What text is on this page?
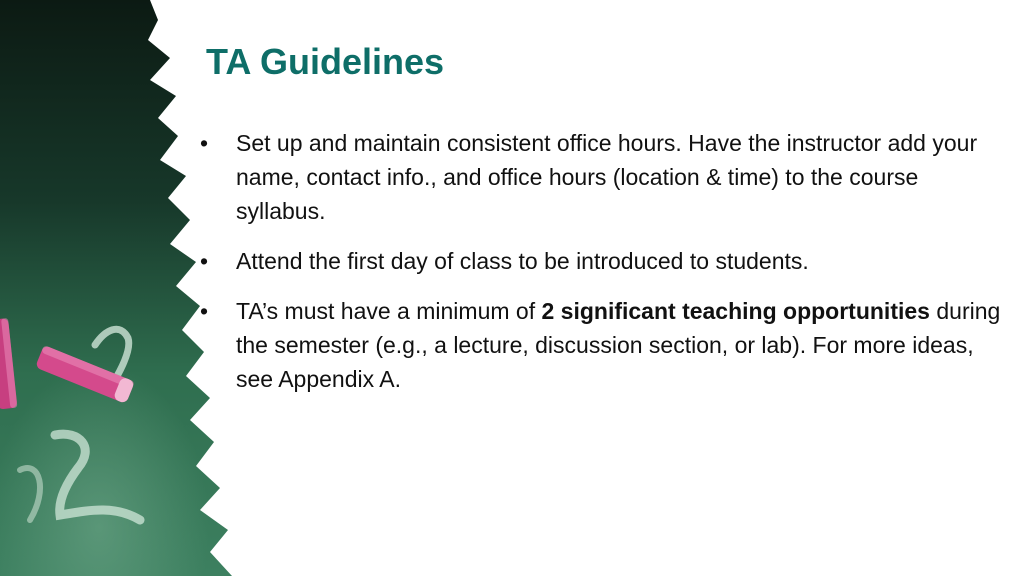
TA Guidelines
• Set up and maintain consistent office hours. Have the instructor add your name, contact info., and office hours (location & time) to the course syllabus.
• Attend the first day of class to be introduced to students.
• TA’s must have a minimum of 2 significant teaching opportunities during the semester (e.g., a lecture, discussion section, or lab). For more ideas, see Appendix A.
